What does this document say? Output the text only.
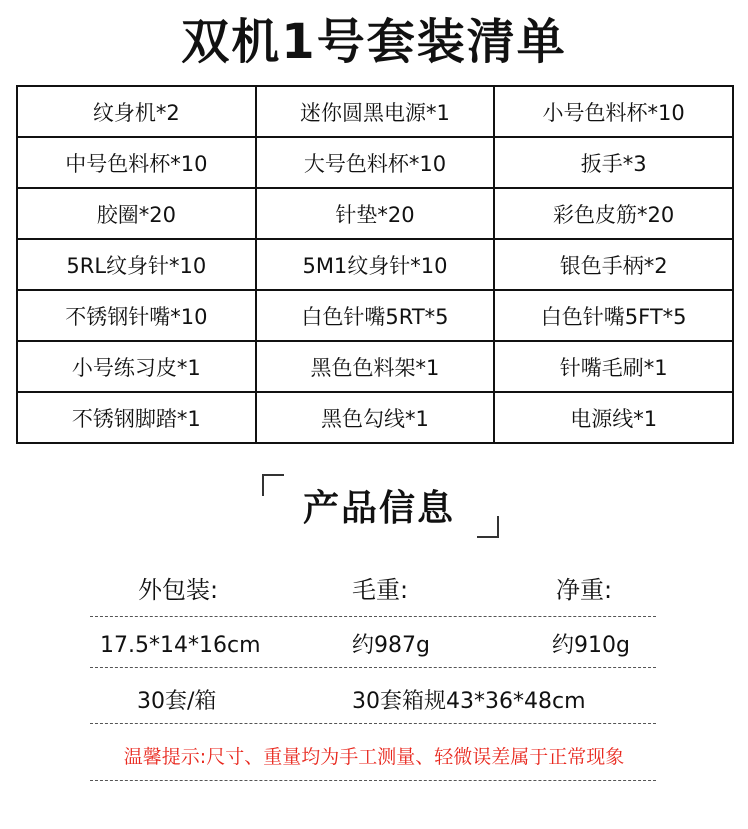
双机1号套装清单
纹身机*2	迷你圆黑电源*1	小号色料杯*10
中号色料杯*10	大号色料杯*10	扳手*3
胶圈*20	针垫*20	彩色皮筋*20
5RL纹身针*10	5M1纹身针*10	银色手柄*2
不锈钢针嘴*10	白色针嘴5RT*5	白色针嘴5FT*5
小号练习皮*1	黑色色料架*1	针嘴毛刷*1
不锈钢脚踏*1	黑色勾线*1	电源线*1
产品信息
外包装:	毛重:	净重:
17.5*14*16cm	约987g	约910g
30套/箱	30套箱规43*36*48cm
温馨提示:尺寸、重量均为手工测量、轻微误差属于正常现象
